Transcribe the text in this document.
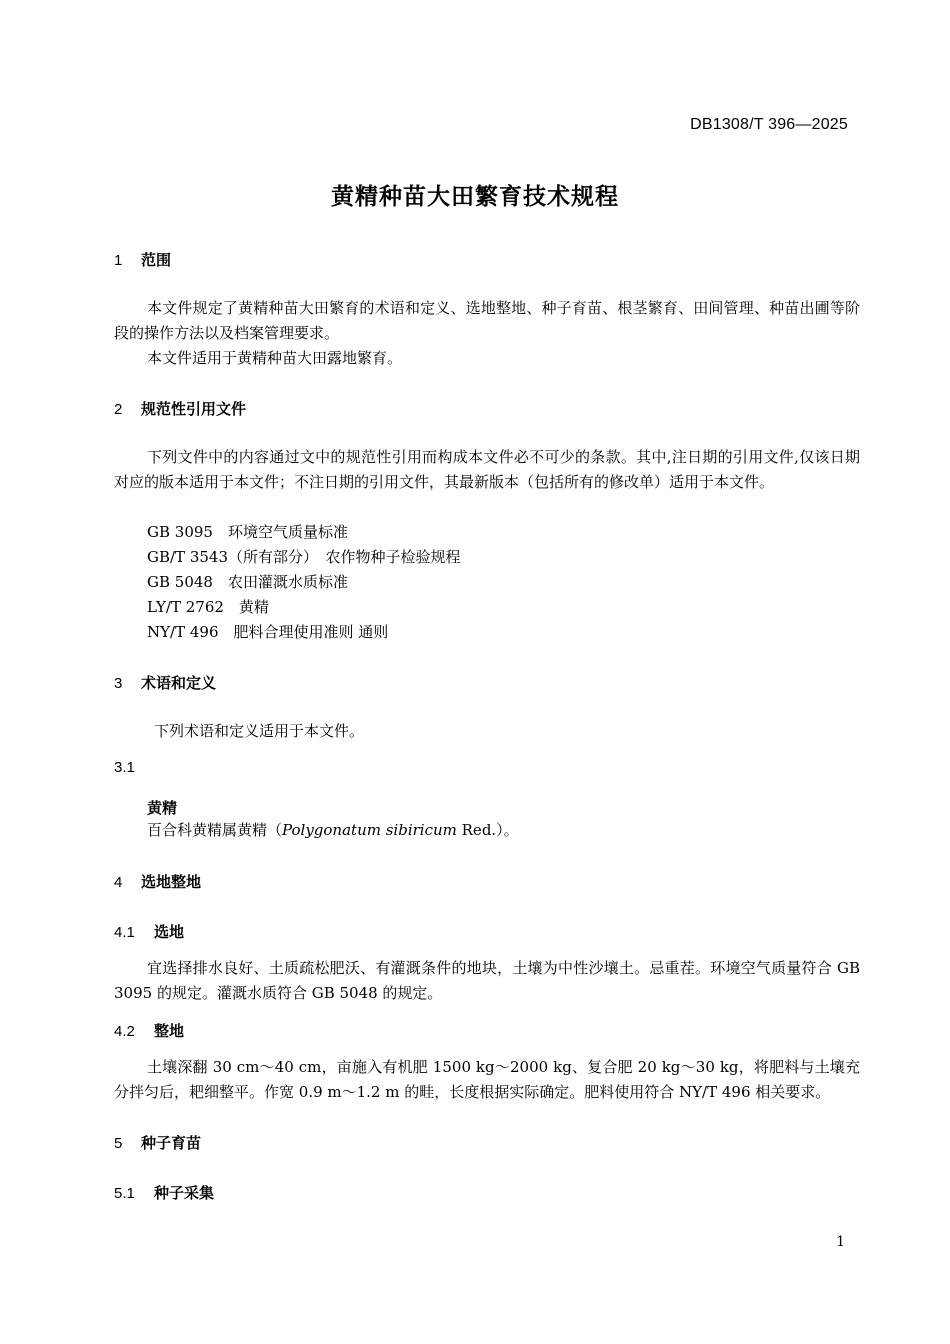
DB1308/T 396—2025
黄精种苗大田繁育技术规程
1 范围
本文件规定了黄精种苗大田繁育的术语和定义、选地整地、种子育苗、根茎繁育、田间管理、种苗出圃等阶段的操作方法以及档案管理要求。
本文件适用于黄精种苗大田露地繁育。
2 规范性引用文件
下列文件中的内容通过文中的规范性引用而构成本文件必不可少的条款。其中,注日期的引用文件,仅该日期对应的版本适用于本文件；不注日期的引用文件，其最新版本（包括所有的修改单）适用于本文件。
GB 3095　环境空气质量标准
GB/T 3543（所有部分）　农作物种子检验规程
GB 5048　农田灌溉水质标准
LY/T 2762　黄精
NY/T 496　肥料合理使用准则 通则
3 术语和定义
下列术语和定义适用于本文件。
3.1
黄精
百合科黄精属黄精（Polygonatum sibiricum Red.）。
4 选地整地
4.1 选地
宜选择排水良好、土质疏松肥沃、有灌溉条件的地块，土壤为中性沙壤土。忌重茬。环境空气质量符合 GB 3095 的规定。灌溉水质符合 GB 5048 的规定。
4.2 整地
土壤深翻 30 cm～40 cm，亩施入有机肥 1500 kg～2000 kg、复合肥 20 kg～30 kg，将肥料与土壤充分拌匀后，耙细整平。作宽 0.9 m～1.2 m 的畦，长度根据实际确定。肥料使用符合 NY/T 496 相关要求。
5 种子育苗
5.1 种子采集
1
